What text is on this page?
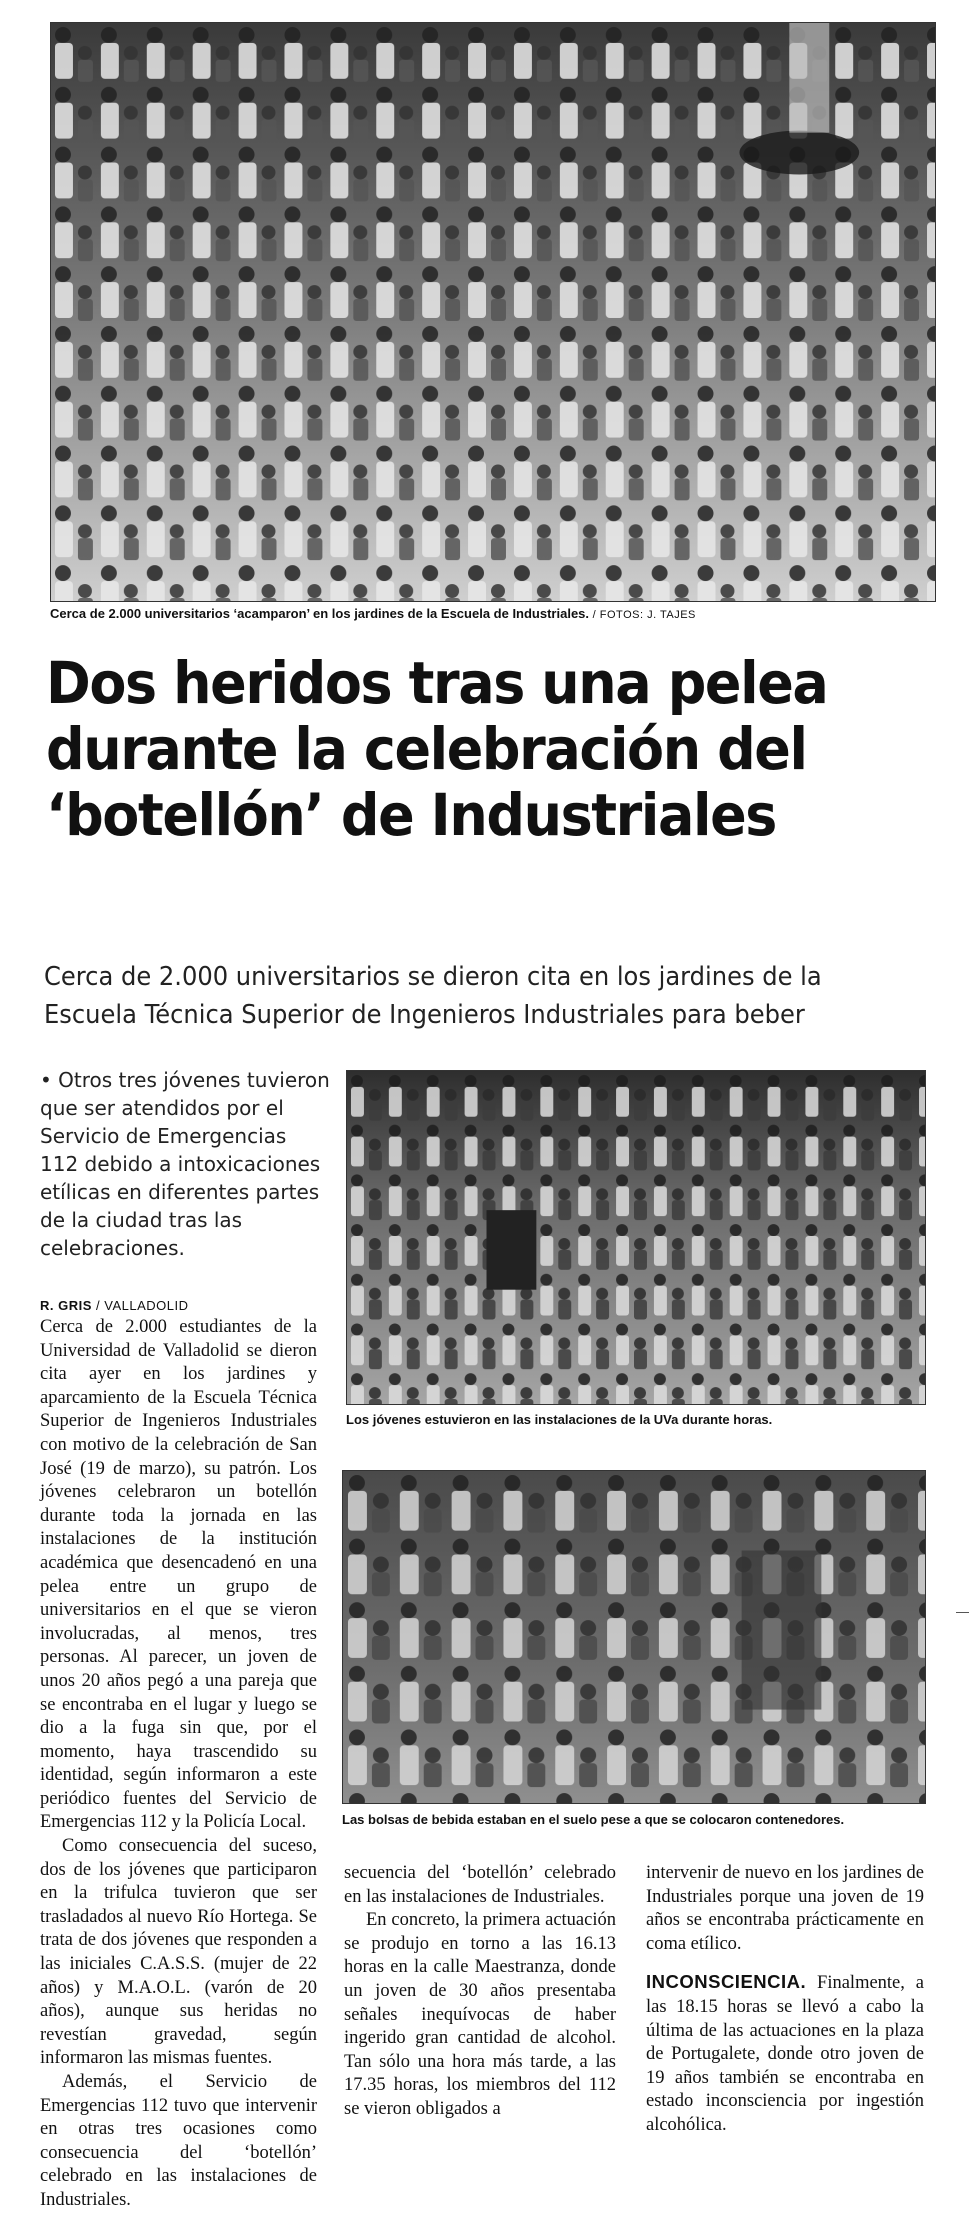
Cerca de 2.000 universitarios ‘acamparon’ en los jardines de la Escuela de Industriales. / FOTOS: J. TAJES
Dos heridos tras una pelea
durante la celebración del
‘botellón’ de Industriales
Cerca de 2.000 universitarios se dieron cita en los jardines de la
Escuela Técnica Superior de Ingenieros Industriales para beber
• Otros tres jóvenes tuvieron que ser atendidos por el Servicio de Emergencias 112 debido a intoxicaciones etílicas en diferentes partes de la ciudad tras las celebraciones.
R. GRIS / VALLADOLID
Los jóvenes estuvieron en las instalaciones de la UVa durante horas.
Las bolsas de bebida estaban en el suelo pese a que se colocaron contenedores.

Cerca de 2.000 estudiantes de la Universidad de Valladolid se dieron cita ayer en los jardines y aparcamiento de la Escuela Técnica Superior de Ingenieros Industriales con motivo de la celebración de San José (19 de marzo), su patrón. Los jóvenes celebraron un botellón durante toda la jornada en las instalaciones de la institución académica que desencadenó en una pelea entre un grupo de universitarios en el que se vieron involucradas, al menos, tres personas. Al parecer, un joven de unos 20 años pegó a una pareja que se encontraba en el lugar y luego se dio a la fuga sin que, por el momento, haya trascendido su identidad, según informaron a este periódico fuentes del Servicio de Emergencias 112 y la Policía Local.

Como consecuencia del suceso, dos de los jóvenes que participaron en la trifulca tuvieron que ser trasladados al nuevo Río Hortega. Se trata de dos jóvenes que responden a las iniciales C.A.S.S. (mujer de 22 años) y M.A.O.L. (varón de 20 años), aunque sus heridas no revestían gravedad, según informaron las mismas fuentes.

Además, el Servicio de Emergencias 112 tuvo que intervenir en otras tres ocasiones como consecuencia del ‘botellón’ celebrado en las instalaciones de Industriales.

secuencia del ‘botellón’ celebrado en las instalaciones de Industriales.

En concreto, la primera actuación se produjo en torno a las 16.13 horas en la calle Maestranza, donde un joven de 30 años presentaba señales inequívocas de haber ingerido gran cantidad de alcohol. Tan sólo una hora más tarde, a las 17.35 horas, los miembros del 112 se vieron obligados a

intervenir de nuevo en los jardines de Industriales porque una joven de 19 años se encontraba prácticamente en coma etílico.

INCONSCIENCIA. Finalmente, a las 18.15 horas se llevó a cabo la última de las actuaciones en la plaza de Portugalete, donde otro joven de 19 años también se encontraba en estado inconsciencia por ingestión alcohólica.
